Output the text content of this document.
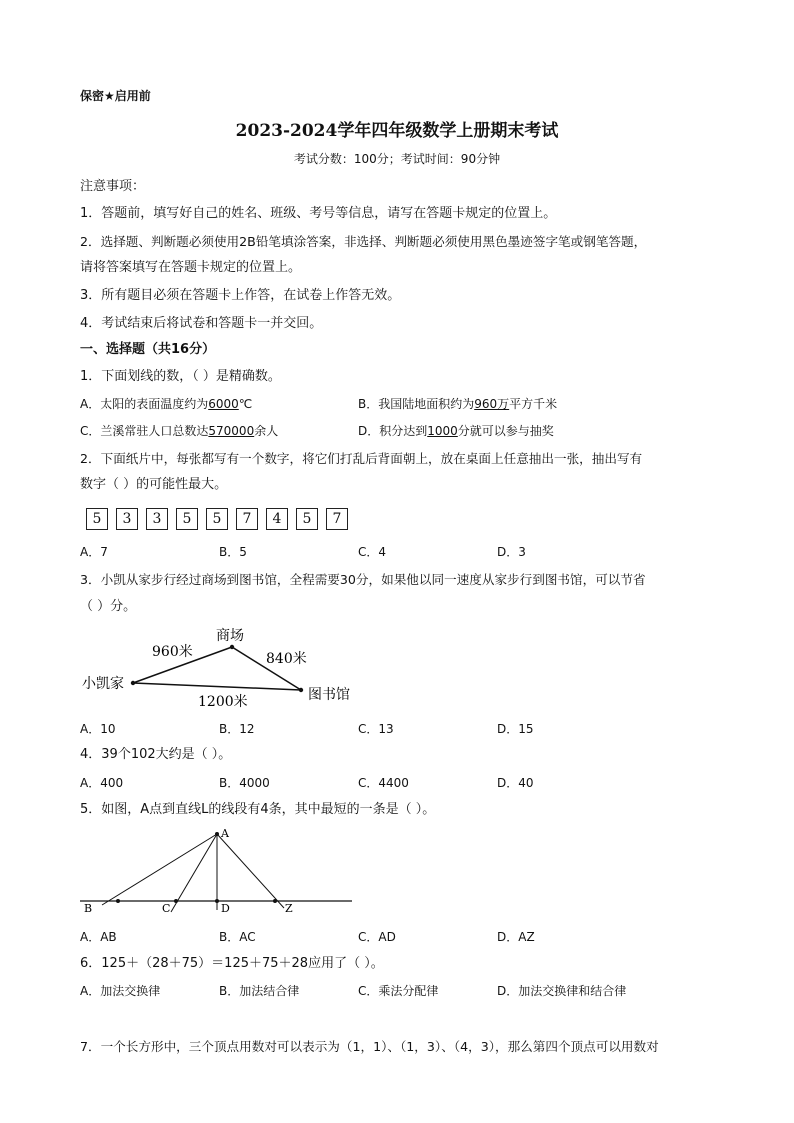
保密★启用前
2023-2024学年四年级数学上册期末考试
考试分数：100分；考试时间：90分钟
注意事项：
1．答题前，填写好自己的姓名、班级、考号等信息，请写在答题卡规定的位置上。
2．选择题、判断题必须使用2B铅笔填涂答案，非选择、判断题必须使用黑色墨迹签字笔或钢笔答题，
请将答案填写在答题卡规定的位置上。
3．所有题目必须在答题卡上作答，在试卷上作答无效。
4．考试结束后将试卷和答题卡一并交回。
一、选择题（共16分）
1．下面划线的数，（ ）是精确数。
A．太阳的表面温度约为6000℃	B．我国陆地面积约为960万平方千米
C．兰溪常驻人口总数达570000余人	D．积分达到1000分就可以参与抽奖
2．下面纸片中，每张都写有一个数字，将它们打乱后背面朝上，放在桌面上任意抽出一张，抽出写有
数字（ ）的可能性最大。
5	3	3	5	5	7	4	5	7
A．7	B．5	C．4	D．3
3．小凯从家步行经过商场到图书馆，全程需要30分，如果他以同一速度从家步行到图书馆，可以节省
（ ）分。
商场
小凯家
图书馆
960米	840米
1200米
A．10	B．12	C．13	D．15
4．39个102大约是（ ）。
A．400	B．4000	C．4400	D．40
5．如图，A点到直线L的线段有4条，其中最短的一条是（ ）。
A
B	C	D	Z
A．AB	B．AC	C．AD	D．AZ
6．125＋（28＋75）＝125＋75＋28应用了（ ）。
A．加法交换律	B．加法结合律	C．乘法分配律	D．加法交换律和结合律
7．一个长方形中，三个顶点用数对可以表示为（1，1）、（1，3）、（4，3），那么第四个顶点可以用数对
